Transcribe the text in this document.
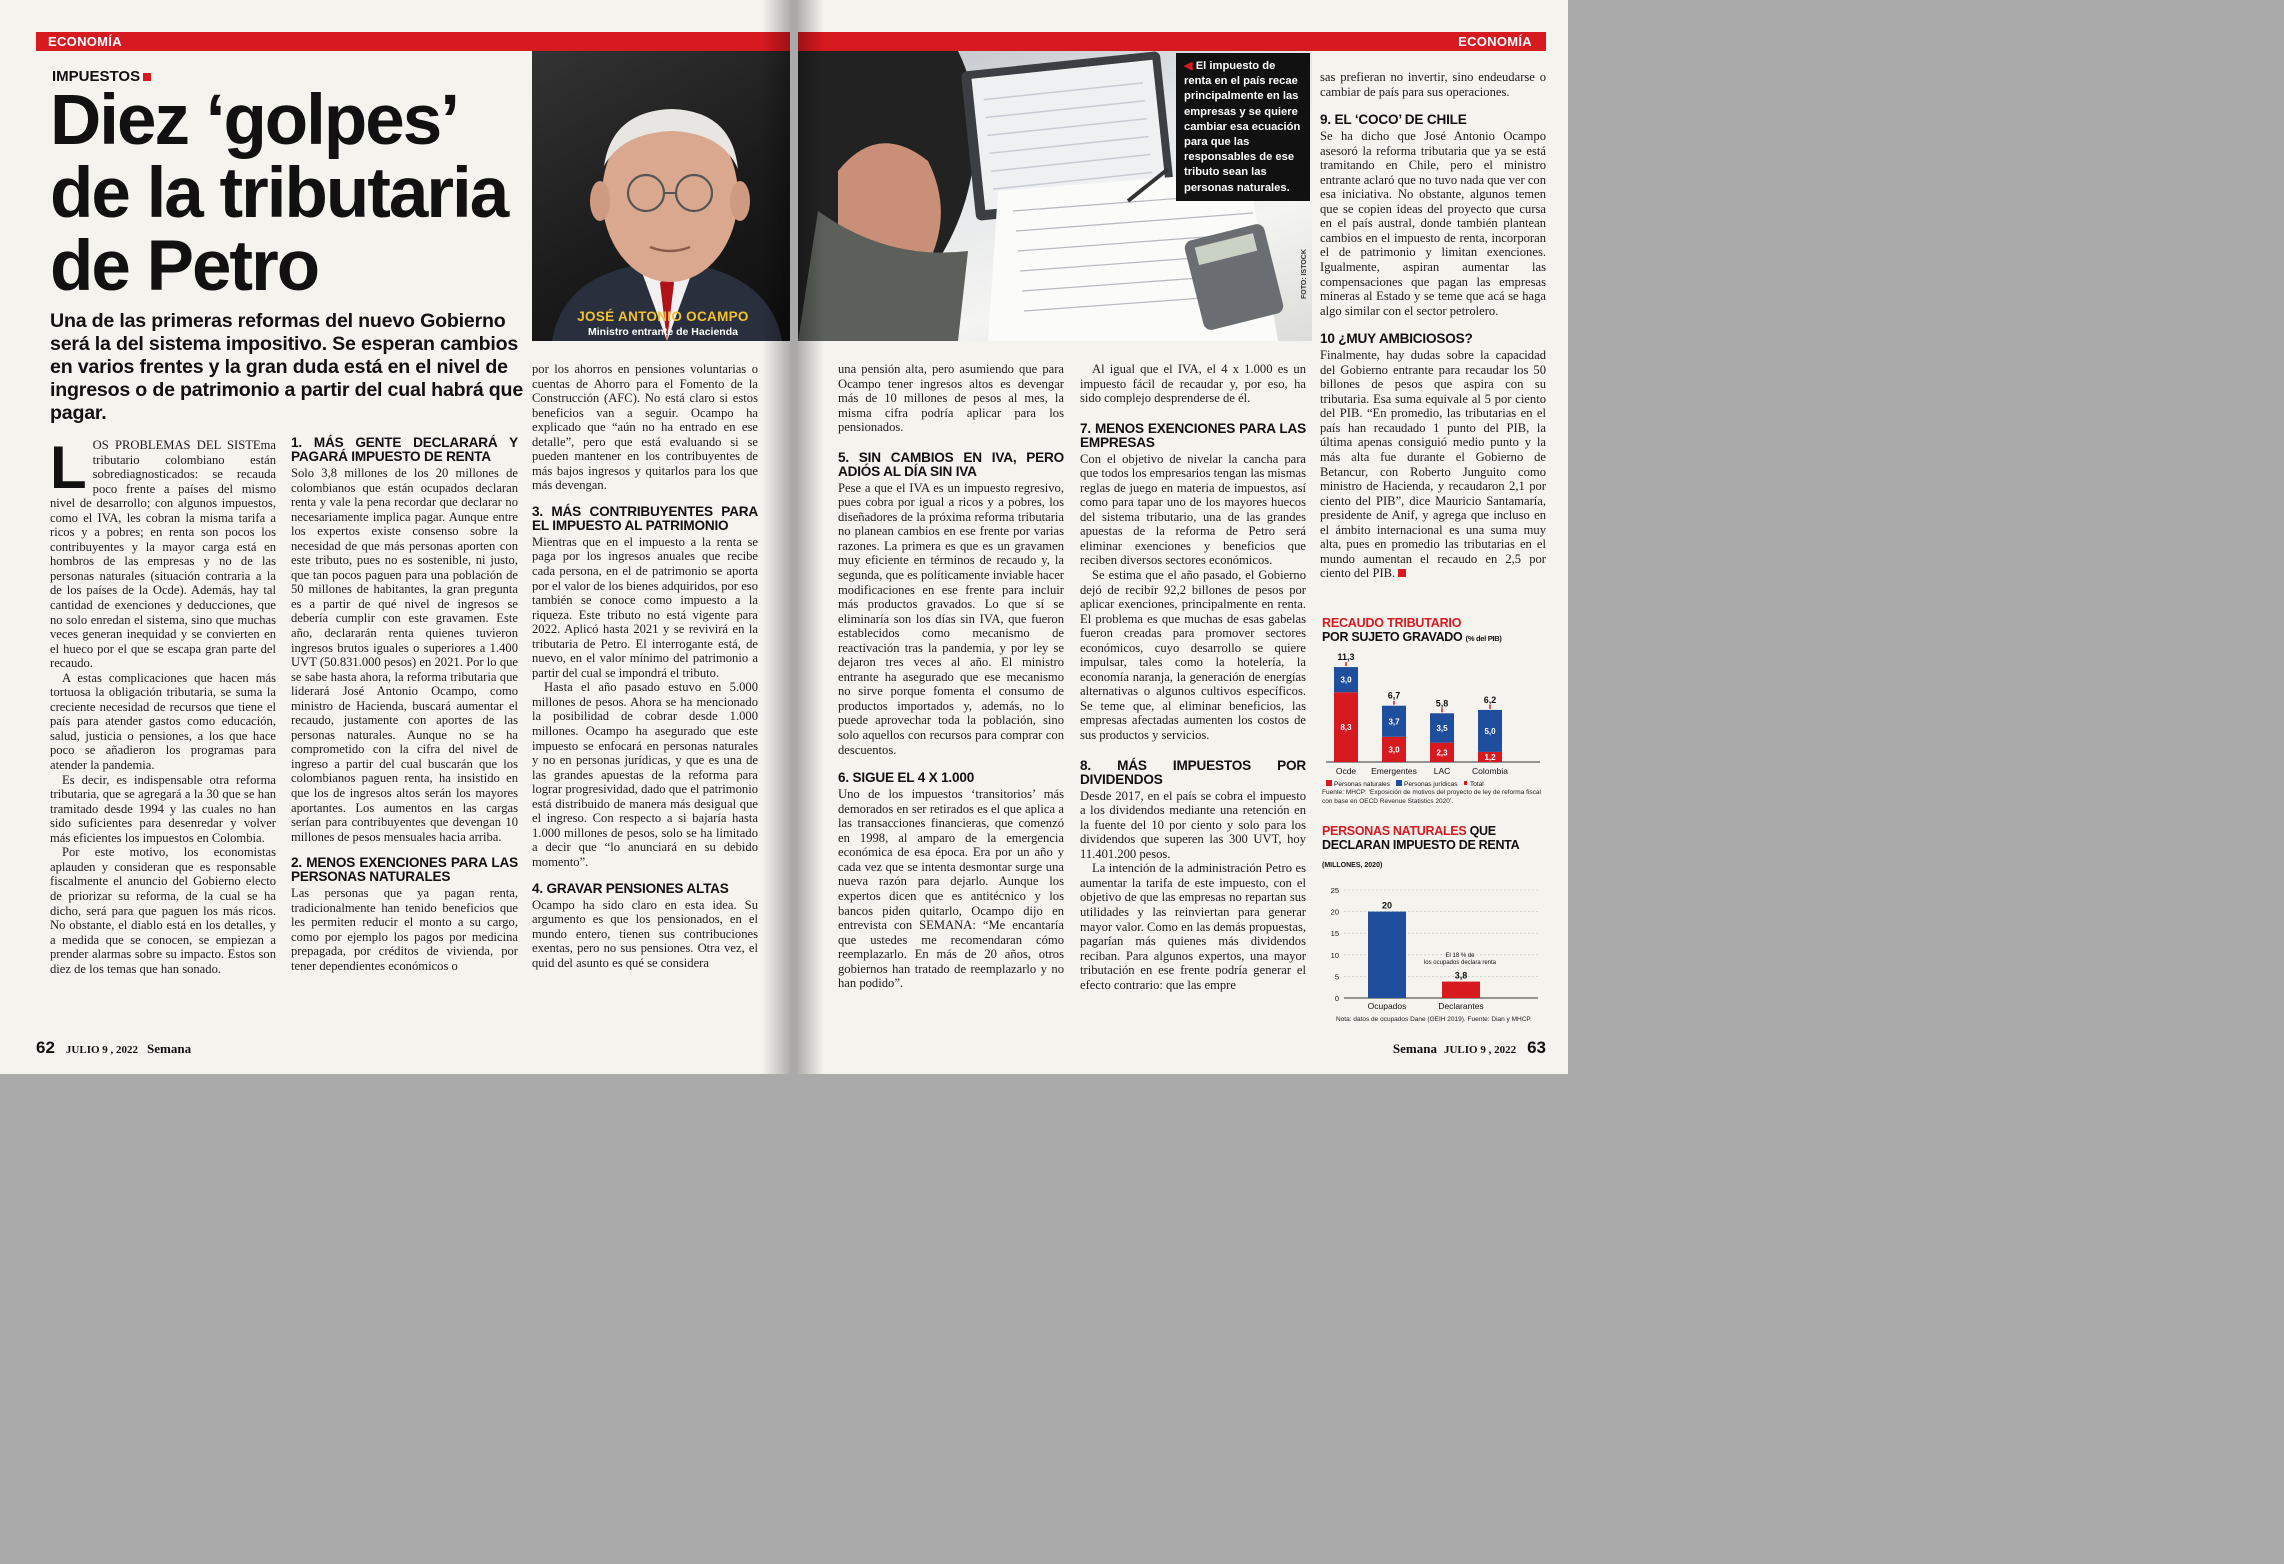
ECONOMÍA
IMPUESTOS
Diez ‘golpes’
de la tributaria
de Petro
JOSÉ ANTONIO OCAMPO
Ministro entrante de Hacienda
Una de las primeras reformas del nuevo Gobierno será la del sistema impositivo. Se esperan cambios en varios frentes y la gran duda está en el nivel de ingresos o de patrimonio a partir del cual habrá que pagar.

LOS PROBLEMAS DEL SISTEma tributario colombiano están sobrediagnosticados: se recauda poco frente a países del mismo nivel de desarrollo; con algunos impuestos, como el IVA, les cobran la misma tarifa a ricos y a pobres; en renta son pocos los contribuyentes y la mayor carga está en hombros de las empresas y no de las personas naturales (situación contraria a la de los países de la Ocde). Además, hay tal cantidad de exenciones y deducciones, que no solo enredan el sistema, sino que muchas veces generan inequidad y se convierten en el hueco por el que se escapa gran parte del recaudo.

A estas complicaciones que hacen más tortuosa la obligación tributaria, se suma la creciente necesidad de recursos que tiene el país para atender gastos como educación, salud, justicia o pensiones, a los que hace poco se añadieron los programas para atender la pandemia.

Es decir, es indispensable otra reforma tributaria, que se agregará a la 30 que se han tramitado desde 1994 y las cuales no han sido suficientes para desenredar y volver más eficientes los impuestos en Colombia.

Por este motivo, los economistas aplauden y consideran que es responsable fiscalmente el anuncio del Gobierno electo de priorizar su reforma, de la cual se ha dicho, será para que paguen los más ricos. No obstante, el diablo está en los detalles, y a medida que se conocen, se empiezan a prender alarmas sobre su impacto. Estos son diez de los temas que han sonado.

1. MÁS GENTE DECLARARÁ Y PAGARÁ IMPUESTO DE RENTA

Solo 3,8 millones de los 20 millones de colombianos que están ocupados declaran renta y vale la pena recordar que declarar no necesariamente implica pagar. Aunque entre los expertos existe consenso sobre la necesidad de que más personas aporten con este tributo, pues no es sostenible, ni justo, que tan pocos paguen para una población de 50 millones de habitantes, la gran pregunta es a partir de qué nivel de ingresos se debería cumplir con este gravamen. Este año, declararán renta quienes tuvieron ingresos brutos iguales o superiores a 1.400 UVT (50.831.000 pesos) en 2021. Por lo que se sabe hasta ahora, la reforma tributaria que liderará José Antonio Ocampo, como ministro de Hacienda, buscará aumentar el recaudo, justamente con aportes de las personas naturales. Aunque no se ha comprometido con la cifra del nivel de ingreso a partir del cual buscarán que los colombianos paguen renta, ha insistido en que los de ingresos altos serán los mayores aportantes. Los aumentos en las cargas serían para contribuyentes que devengan 10 millones de pesos mensuales hacia arriba.

2. MENOS EXENCIONES PARA LAS PERSONAS NATURALES

Las personas que ya pagan renta, tradicionalmente han tenido beneficios que les permiten reducir el monto a su cargo, como por ejemplo los pagos por medicina prepagada, por créditos de vivienda, por tener dependientes económicos o

por los ahorros en pensiones voluntarias o cuentas de Ahorro para el Fomento de la Construcción (AFC). No está claro si estos beneficios van a seguir. Ocampo ha explicado que “aún no ha entrado en ese detalle”, pero que está evaluando si se pueden mantener en los contribuyentes de más bajos ingresos y quitarlos para los que más devengan.

3. MÁS CONTRIBUYENTES PARA EL IMPUESTO AL PATRIMONIO

Mientras que en el impuesto a la renta se paga por los ingresos anuales que recibe cada persona, en el de patrimonio se aporta por el valor de los bienes adquiridos, por eso también se conoce como impuesto a la riqueza. Este tributo no está vigente para 2022. Aplicó hasta 2021 y se revivirá en la tributaria de Petro. El interrogante está, de nuevo, en el valor mínimo del patrimonio a partir del cual se impondrá el tributo.

Hasta el año pasado estuvo en 5.000 millones de pesos. Ahora se ha mencionado la posibilidad de cobrar desde 1.000 millones. Ocampo ha asegurado que este impuesto se enfocará en personas naturales y no en personas jurídicas, y que es una de las grandes apuestas de la reforma para lograr progresividad, dado que el patrimonio está distribuido de manera más desigual que el ingreso. Con respecto a si bajaría hasta 1.000 millones de pesos, solo se ha limitado a decir que “lo anunciará en su debido momento”.

4. GRAVAR PENSIONES ALTAS

Ocampo ha sido claro en esta idea. Su argumento es que los pensionados, en el mundo entero, tienen sus contribuciones exentas, pero no sus pensiones. Otra vez, el quid del asunto es qué se considera

62 JULIO 9 , 2022 Semana
ECONOMÍA
◀ El impuesto de renta en el país recae principalmente en las empresas y se quiere cambiar esa ecuación para que las responsables de ese tributo sean las personas naturales.
FOTO: ISTOCK

una pensión alta, pero asumiendo que para Ocampo tener ingresos altos es devengar más de 10 millones de pesos al mes, la misma cifra podría aplicar para los pensionados.

5. SIN CAMBIOS EN IVA, PERO ADIÓS AL DÍA SIN IVA

Pese a que el IVA es un impuesto regresivo, pues cobra por igual a ricos y a pobres, los diseñadores de la próxima reforma tributaria no planean cambios en ese frente por varias razones. La primera es que es un gravamen muy eficiente en términos de recaudo y, la segunda, que es políticamente inviable hacer modificaciones en ese frente para incluir más productos gravados. Lo que sí se eliminaría son los días sin IVA, que fueron establecidos como mecanismo de reactivación tras la pandemia, y por ley se dejaron tres veces al año. El ministro entrante ha asegurado que ese mecanismo no sirve porque fomenta el consumo de productos importados y, además, no lo puede aprovechar toda la población, sino solo aquellos con recursos para comprar con descuentos.

6. SIGUE EL 4 X 1.000

Uno de los impuestos ‘transitorios’ más demorados en ser retirados es el que aplica a las transacciones financieras, que comenzó en 1998, al amparo de la emergencia económica de esa época. Era por un año y cada vez que se intenta desmontar surge una nueva razón para dejarlo. Aunque los expertos dicen que es antitécnico y los bancos piden quitarlo, Ocampo dijo en entrevista con SEMANA: “Me encantaría que ustedes me recomendaran cómo reemplazarlo. En más de 20 años, otros gobiernos han tratado de reemplazarlo y no han podido”.

Al igual que el IVA, el 4 x 1.000 es un impuesto fácil de recaudar y, por eso, ha sido complejo desprenderse de él.

7. MENOS EXENCIONES PARA LAS EMPRESAS

Con el objetivo de nivelar la cancha para que todos los empresarios tengan las mismas reglas de juego en materia de impuestos, así como para tapar uno de los mayores huecos del sistema tributario, una de las grandes apuestas de la reforma de Petro será eliminar exenciones y beneficios que reciben diversos sectores económicos.

Se estima que el año pasado, el Gobierno dejó de recibir 92,2 billones de pesos por aplicar exenciones, principalmente en renta. El problema es que muchas de esas gabelas fueron creadas para promover sectores económicos, cuyo desarrollo se quiere impulsar, tales como la hotelería, la economía naranja, la generación de energías alternativas o algunos cultivos específicos. Se teme que, al eliminar beneficios, las empresas afectadas aumenten los costos de sus productos y servicios.

8. MÁS IMPUESTOS POR DIVIDENDOS

Desde 2017, en el país se cobra el impuesto a los dividendos mediante una retención en la fuente del 10 por ciento y solo para los dividendos que superen las 300 UVT, hoy 11.401.200 pesos.

La intención de la administración Petro es aumentar la tarifa de este impuesto, con el objetivo de que las empresas no repartan sus utilidades y las reinviertan para generar mayor valor. Como en las demás propuestas, pagarían más quienes más dividendos reciban. Para algunos expertos, una mayor tributación en ese frente podría generar el efecto contrario: que las empre

sas prefieran no invertir, sino endeudarse o cambiar de país para sus operaciones.

9. EL ‘COCO’ DE CHILE

Se ha dicho que José Antonio Ocampo asesoró la reforma tributaria que ya se está tramitando en Chile, pero el ministro entrante aclaró que no tuvo nada que ver con esa iniciativa. No obstante, algunos temen que se copien ideas del proyecto que cursa en el país austral, donde también plantean cambios en el impuesto de renta, incorporan el de patrimonio y limitan exenciones. Igualmente, aspiran aumentar las compensaciones que pagan las empresas mineras al Estado y se teme que acá se haga algo similar con el sector petrolero.

10 ¿MUY AMBICIOSOS?

Finalmente, hay dudas sobre la capacidad del Gobierno entrante para recaudar los 50 billones de pesos que aspira con su tributaria. Esa suma equivale al 5 por ciento del PIB. “En promedio, las tributarias en el país han recaudado 1 punto del PIB, la última apenas consiguió medio punto y la más alta fue durante el Gobierno de Betancur, con Roberto Junguito como ministro de Hacienda, y recaudaron 2,1 por ciento del PIB”, dice Mauricio Santamaría, presidente de Anif, y agrega que incluso en el ámbito internacional es una suma muy alta, pues en promedio las tributarias en el mundo aumentan el recaudo en 2,5 por ciento del PIB.

RECAUDO TRIBUTARIO
POR SUJETO GRAVADO (% del PIB)
8,3
3,0
11,3
Ocde
3,0
3,7
6,7
Emergentes
2,3
3,5
5,8
LAC
1,2
5,0
6,2
Colombia
Personas naturales Personas jurídicas Total
Fuente: MHCP: ‘Exposición de motivos del proyecto de ley de reforma fiscal con base en OECD Revenue Statistics 2020’.
PERSONAS NATURALES QUE
DECLARAN IMPUESTO DE RENTA
(MILLONES, 2020)
0
5
10
15
20
25
20
Ocupados
3,8
Declarantes
El 18 % de
los ocupados declara renta
Nota: datos de ocupados Dane (GEIH 2019). Fuente: Dian y MHCP.
Semana JULIO 9 , 2022 63
